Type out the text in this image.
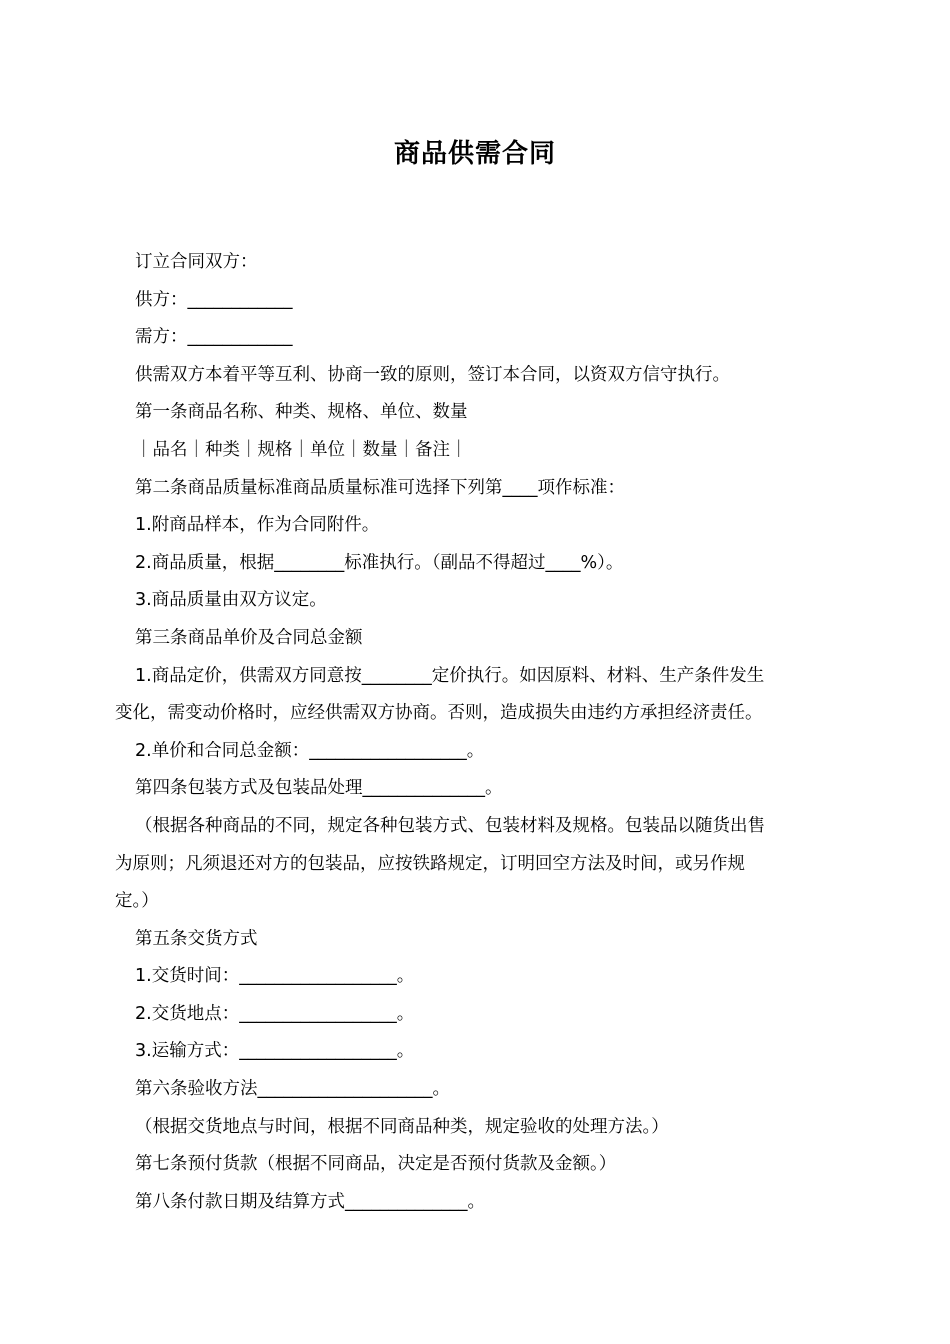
商品供需合同
订立合同双方：
供方：____________
需方：____________
供需双方本着平等互利、协商一致的原则，签订本合同，以资双方信守执行。
第一条商品名称、种类、规格、单位、数量
｜品名｜种类｜规格｜单位｜数量｜备注｜
第二条商品质量标准商品质量标准可选择下列第____项作标准：
1.附商品样本，作为合同附件。
2.商品质量，根据________标准执行。（副品不得超过____%）。
3.商品质量由双方议定。
第三条商品单价及合同总金额
1.商品定价，供需双方同意按________定价执行。如因原料、材料、生产条件发生
变化，需变动价格时，应经供需双方协商。否则，造成损失由违约方承担经济责任。
2.单价和合同总金额：__________________。
第四条包装方式及包装品处理______________。
（根据各种商品的不同，规定各种包装方式、包装材料及规格。包装品以随货出售
为原则；凡须退还对方的包装品，应按铁路规定，订明回空方法及时间，或另作规
定。）
第五条交货方式
1.交货时间：__________________。
2.交货地点：__________________。
3.运输方式：__________________。
第六条验收方法____________________。
（根据交货地点与时间，根据不同商品种类，规定验收的处理方法。）
第七条预付货款（根据不同商品，决定是否预付货款及金额。）
第八条付款日期及结算方式______________。
